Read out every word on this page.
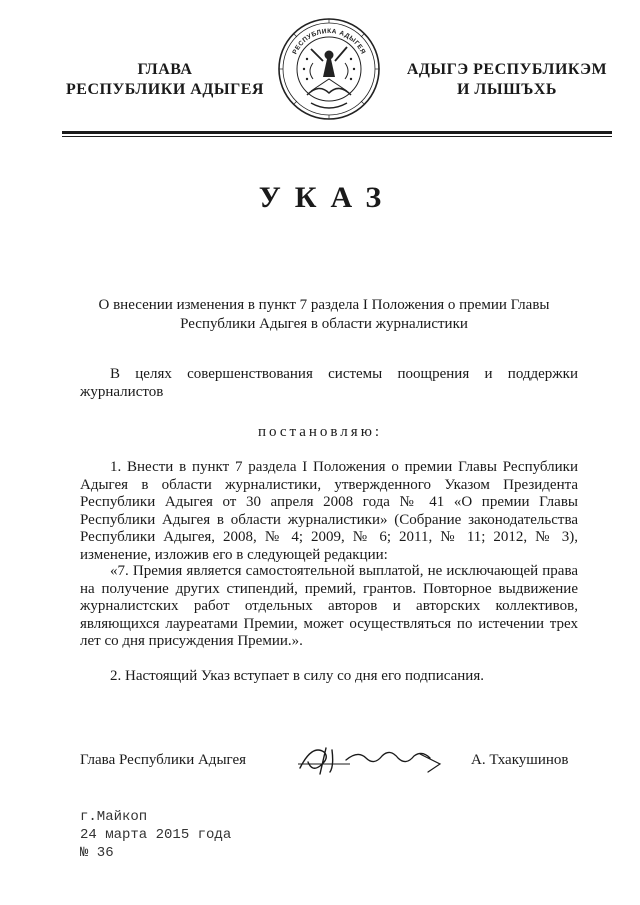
ГЛАВА
РЕСПУБЛИКИ АДЫГЕЯ
РЕСПУБЛИКА АДЫГЕЯ
АДЫГЭ РЕСПУБЛИКЭМ
И ЛЫШЪХЬ
УКАЗ
О внесении изменения в пункт 7 раздела I Положения о премии Главы
Республики Адыгея в области журналистики
В целях совершенствования системы поощрения и поддержки журналистов
постановляю:
1. Внести в пункт 7 раздела I Положения о премии Главы Республики Адыгея в области журналистики, утвержденного Указом Президента Республики Адыгея от 30 апреля 2008 года № 41 «О премии Главы Республики Адыгея в области журналистики» (Собрание законодательства Республики Адыгея, 2008, № 4; 2009, № 6; 2011, № 11; 2012, № 3), изменение, изложив его в следующей редакции:
«7. Премия является самостоятельной выплатой, не исключающей права на получение других стипендий, премий, грантов. Повторное выдвижение журналистских работ отдельных авторов и авторских коллективов, являющихся лауреатами Премии, может осуществляться по истечении трех лет со дня присуждения Премии.».
2. Настоящий Указ вступает в силу со дня его подписания.
Глава Республики Адыгея	А. Тхакушинов
г.Майкоп
24 марта 2015 года
№ 36
